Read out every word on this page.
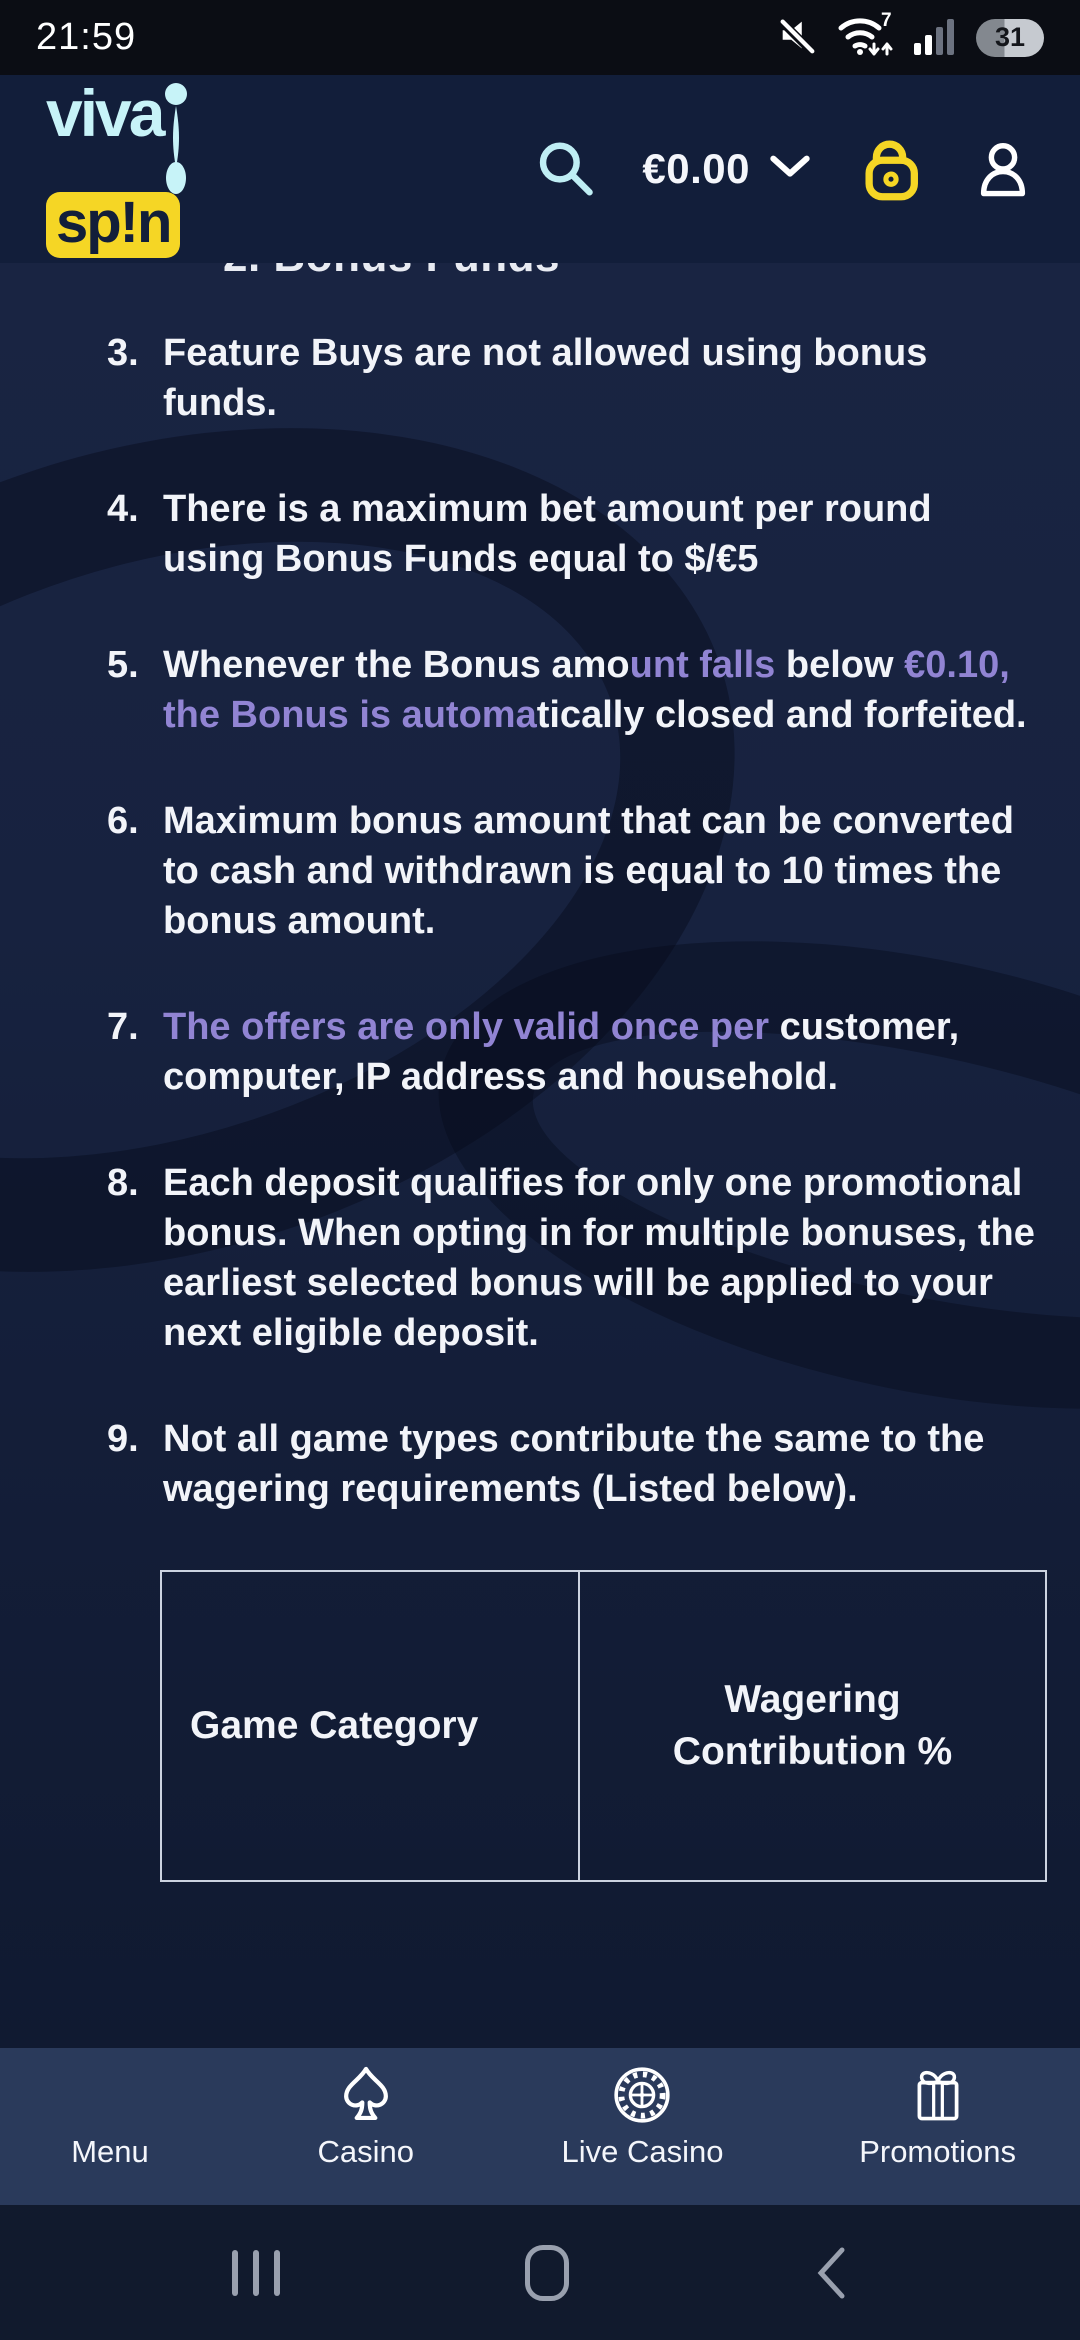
21:59	7
31
viva
sp!n
€0.00
3. Feature Buys are not allowed using bonus funds.
4. There is a maximum bet amount per round using Bonus Funds equal to $/€5
5. Whenever the Bonus amount falls below €0.10, the Bonus is automatically closed and forfeited.
6. Maximum bonus amount that can be converted to cash and withdrawn is equal to 10 times the bonus amount.
7. The offers are only valid once per customer, computer, IP address and household.
8. Each deposit qualifies for only one promotional bonus. When opting in for multiple bonuses, the earliest selected bonus will be applied to your next eligible deposit.
9. Not all game types contribute the same to the wagering requirements (Listed below).
Game Category	Wagering Contribution %
Menu	Casino	Live Casino	Promotions
